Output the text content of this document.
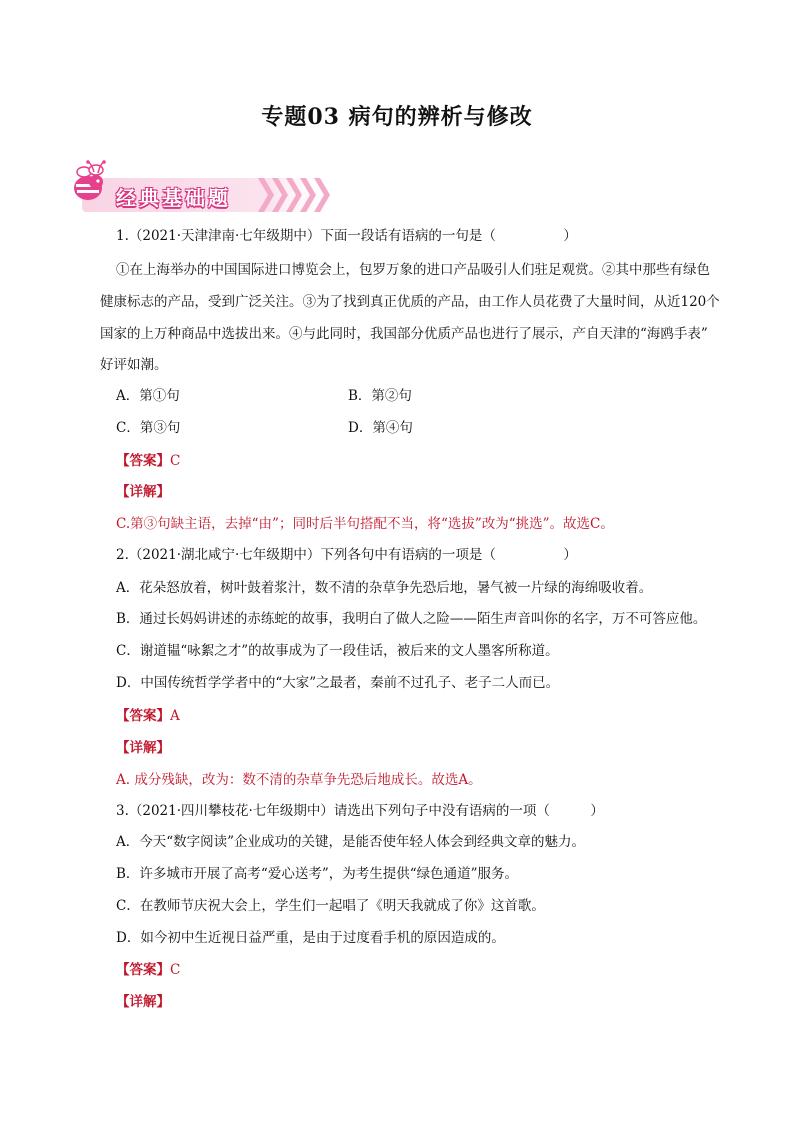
专题03 病句的辨析与修改
经典基础题
1.（2021·天津津南·七年级期中）下面一段话有语病的一句是（　　　　　）
①在上海举办的中国国际进口博览会上，包罗万象的进口产品吸引人们驻足观赏。②其中那些有绿色
健康标志的产品，受到广泛关注。③为了找到真正优质的产品，由工作人员花费了大量时间，从近120个
国家的上万种商品中选拔出来。④与此同时，我国部分优质产品也进行了展示，产自天津的“海鸥手表”
好评如潮。
A．第①句	B．第②句
C．第③句	D．第④句
【答案】C
【详解】
C.第③句缺主语，去掉“由”；同时后半句搭配不当，将“选拔”改为“挑选”。故选C。
2.（2021·湖北咸宁·七年级期中）下列各句中有语病的一项是（　　　　　）
A．花朵怒放着，树叶鼓着浆汁，数不清的杂草争先恐后地，暑气被一片绿的海绵吸收着。
B．通过长妈妈讲述的赤练蛇的故事，我明白了做人之险——陌生声音叫你的名字，万不可答应他。
C．谢道韫“咏絮之才”的故事成为了一段佳话，被后来的文人墨客所称道。
D．中国传统哲学学者中的“大家”之最者，秦前不过孔子、老子二人而已。
【答案】A
【详解】
A. 成分残缺，改为：数不清的杂草争先恐后地成长。故选A。
3.（2021·四川攀枝花·七年级期中）请选出下列句子中没有语病的一项（　　　）
A．今天“数字阅读”企业成功的关键，是能否使年轻人体会到经典文章的魅力。
B．许多城市开展了高考“爱心送考”，为考生提供“绿色通道”服务。
C．在教师节庆祝大会上，学生们一起唱了《明天我就成了你》这首歌。
D．如今初中生近视日益严重，是由于过度看手机的原因造成的。
【答案】C
【详解】
